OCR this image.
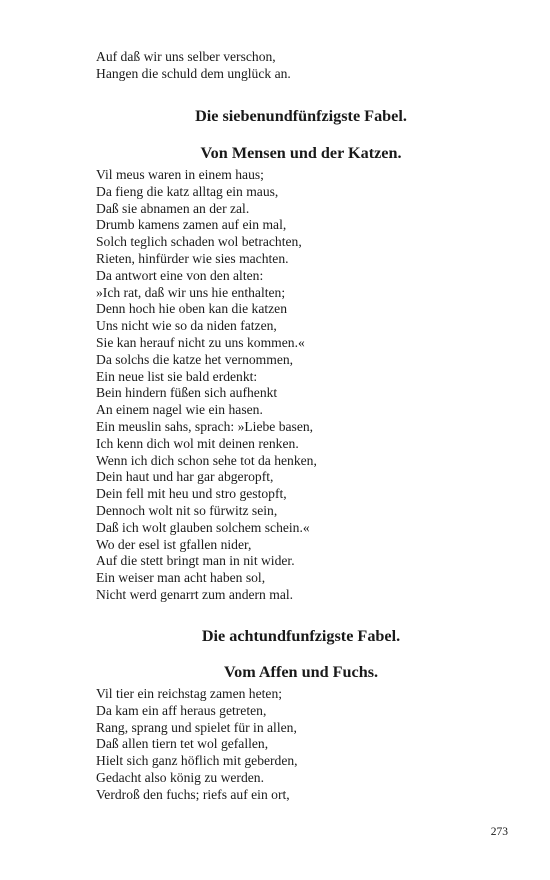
Auf daß wir uns selber verschon,
Hangen die schuld dem unglück an.
Die siebenundfünfzigste Fabel.
Von Mensen und der Katzen.
Vil meus waren in einem haus;
Da fieng die katz alltag ein maus,
Daß sie abnamen an der zal.
Drumb kamens zamen auf ein mal,
Solch teglich schaden wol betrachten,
Rieten, hinfürder wie sies machten.
Da antwort eine von den alten:
»Ich rat, daß wir uns hie enthalten;
Denn hoch hie oben kan die katzen
Uns nicht wie so da niden fatzen,
Sie kan herauf nicht zu uns kommen.«
Da solchs die katze het vernommen,
Ein neue list sie bald erdenkt:
Bein hindern füßen sich aufhenkt
An einem nagel wie ein hasen.
Ein meuslin sahs, sprach: »Liebe basen,
Ich kenn dich wol mit deinen renken.
Wenn ich dich schon sehe tot da henken,
Dein haut und har gar abgeropft,
Dein fell mit heu und stro gestopft,
Dennoch wolt nit so fürwitz sein,
Daß ich wolt glauben solchem schein.«
Wo der esel ist gfallen nider,
Auf die stett bringt man in nit wider.
Ein weiser man acht haben sol,
Nicht werd genarrt zum andern mal.
Die achtundfunfzigste Fabel.
Vom Affen und Fuchs.
Vil tier ein reichstag zamen heten;
Da kam ein aff heraus getreten,
Rang, sprang und spielet für in allen,
Daß allen tiern tet wol gefallen,
Hielt sich ganz höflich mit geberden,
Gedacht also könig zu werden.
Verdroß den fuchs; riefs auf ein ort,
273
